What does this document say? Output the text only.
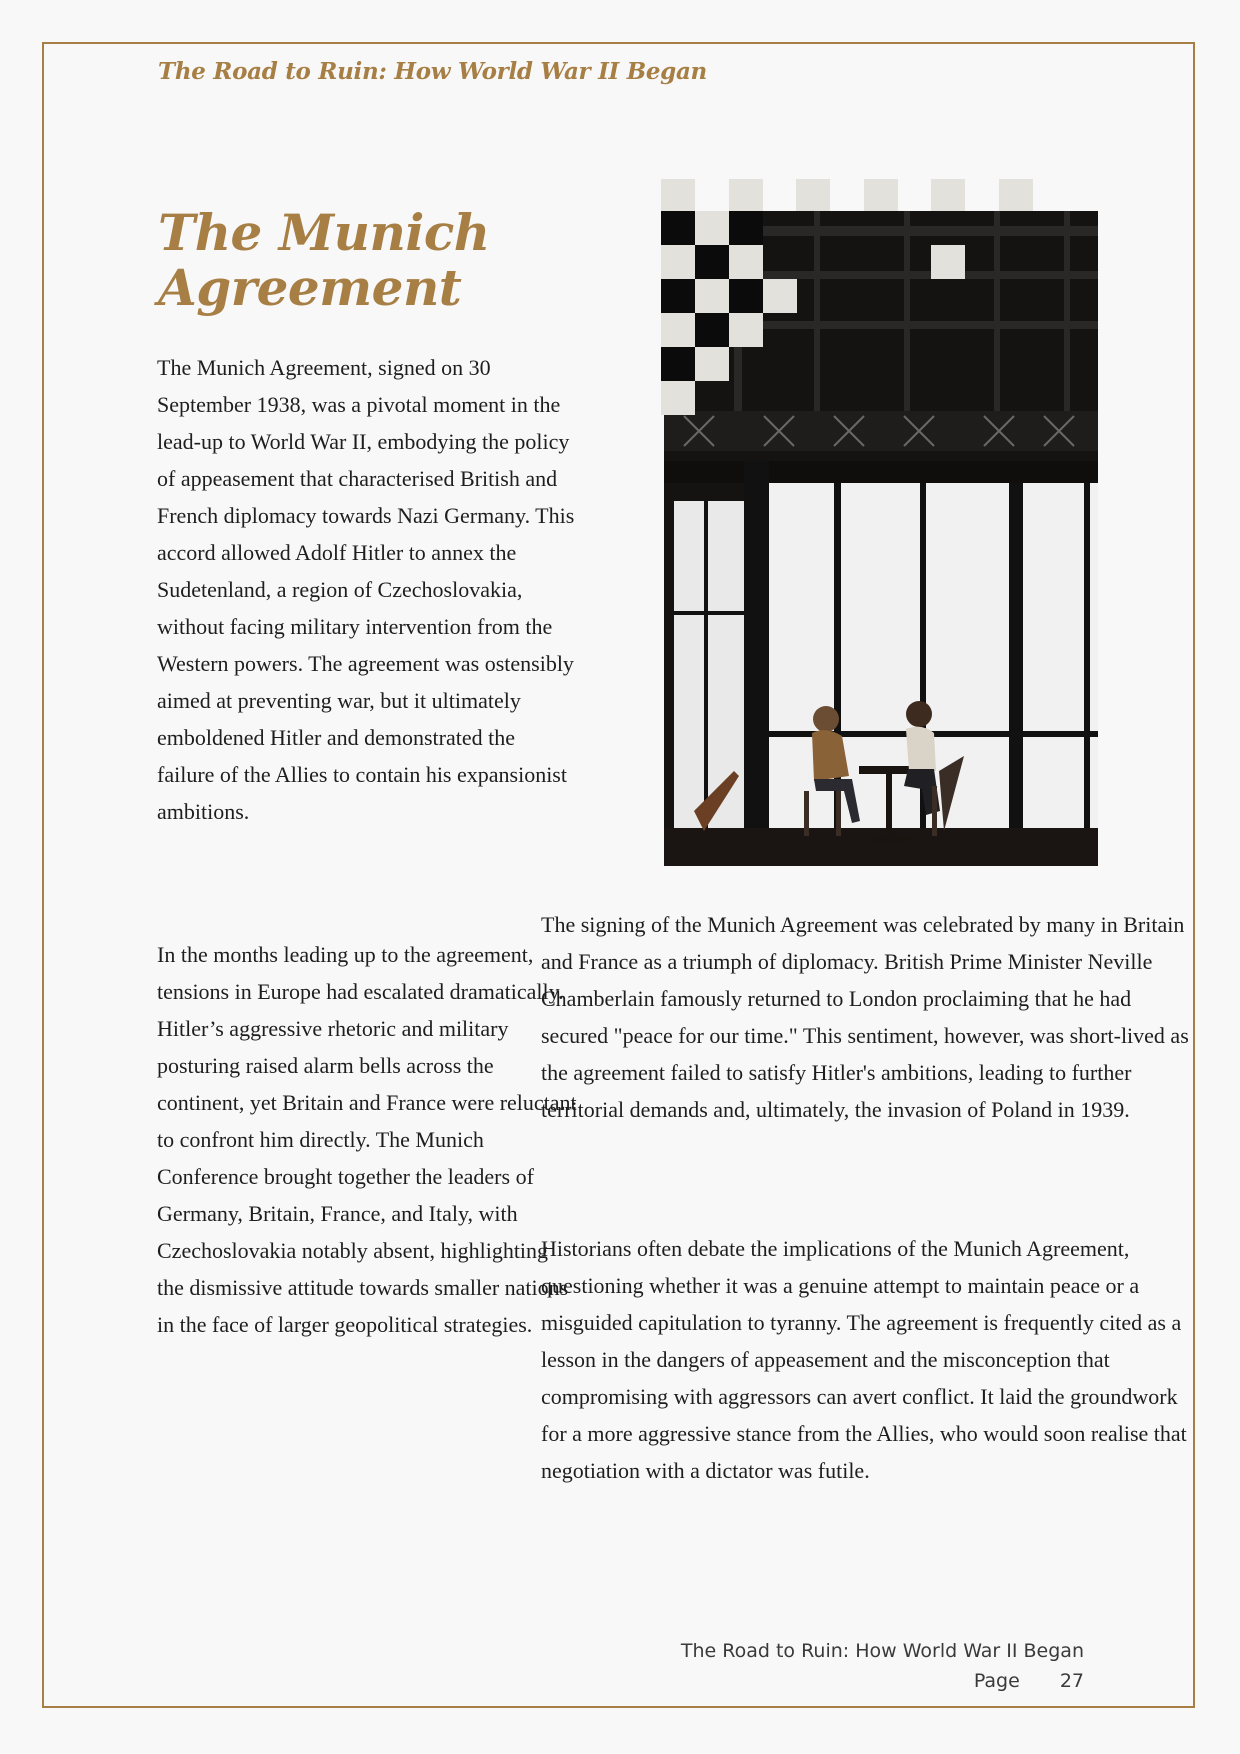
The Road to Ruin: How World War II Began
The Munich Agreement

The Munich Agreement, signed on 30 September 1938, was a pivotal moment in the lead-up to World War II, embodying the policy of appeasement that characterised British and French diplomacy towards Nazi Germany. This accord allowed Adolf Hitler to annex the Sudetenland, a region of Czechoslovakia, without facing military intervention from the Western powers. The agreement was ostensibly aimed at preventing war, but it ultimately emboldened Hitler and demonstrated the failure of the Allies to contain his expansionist ambitions.

In the months leading up to the agreement, tensions in Europe had escalated dramatically. Hitler’s aggressive rhetoric and military posturing raised alarm bells across the continent, yet Britain and France were reluctant to confront him directly. The Munich Conference brought together the leaders of Germany, Britain, France, and Italy, with Czechoslovakia notably absent, highlighting the dismissive attitude towards smaller nations in the face of larger geopolitical strategies.

The signing of the Munich Agreement was celebrated by many in Britain and France as a triumph of diplomacy. British Prime Minister Neville Chamberlain famously returned to London proclaiming that he had secured "peace for our time." This sentiment, however, was short-lived as the agreement failed to satisfy Hitler's ambitions, leading to further territorial demands and, ultimately, the invasion of Poland in 1939.

Historians often debate the implications of the Munich Agreement, questioning whether it was a genuine attempt to maintain peace or a misguided capitulation to tyranny. The agreement is frequently cited as a lesson in the dangers of appeasement and the misconception that compromising with aggressors can avert conflict. It laid the groundwork for a more aggressive stance from the Allies, who would soon realise that negotiation with a dictator was futile.

The Road to Ruin: How World War II Began
Page 27
